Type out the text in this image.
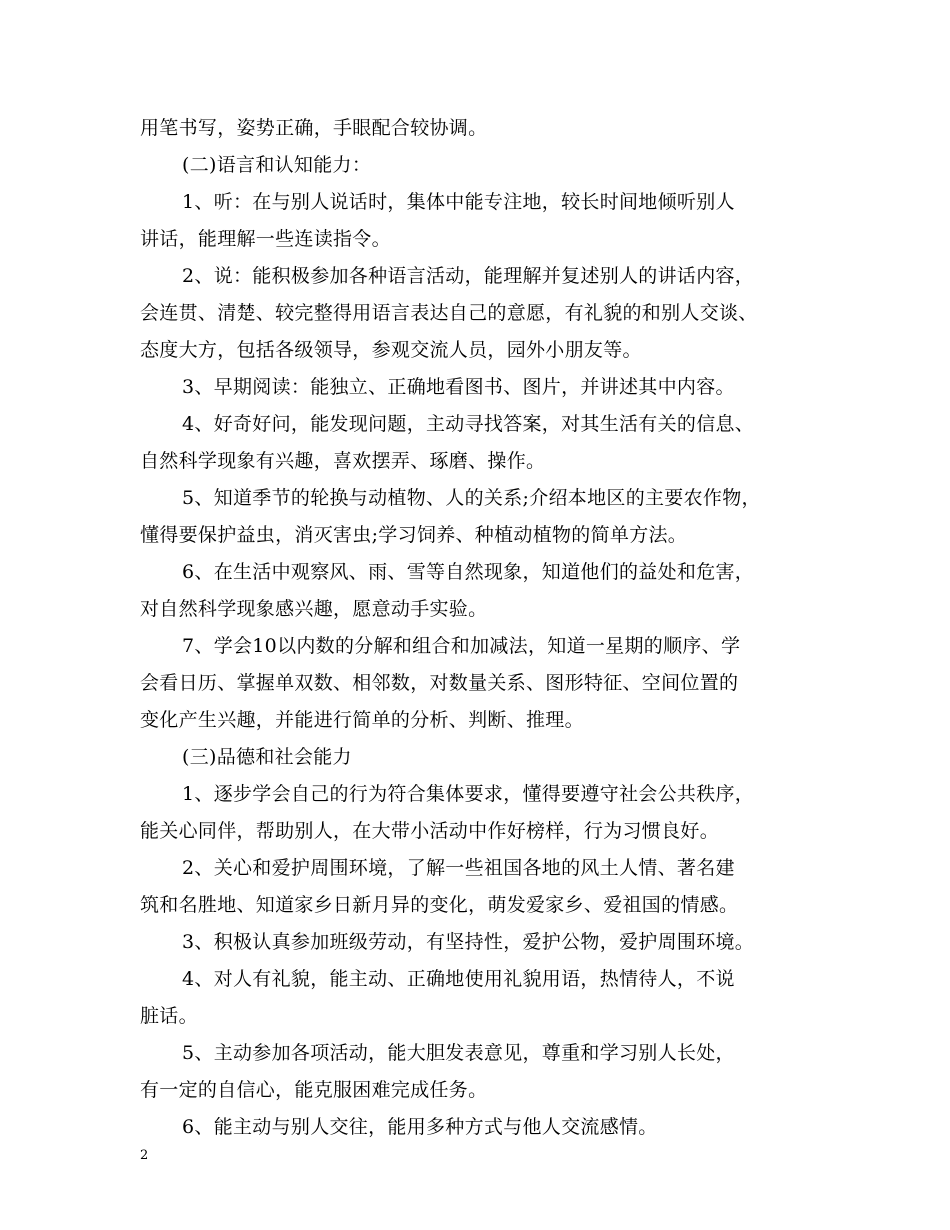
用笔书写，姿势正确，手眼配合较协调。
(二)语言和认知能力：
1、听：在与别人说话时，集体中能专注地，较长时间地倾听别人
讲话，能理解一些连读指令。
2、说：能积极参加各种语言活动，能理解并复述别人的讲话内容，
会连贯、清楚、较完整得用语言表达自己的意愿，有礼貌的和别人交谈、
态度大方，包括各级领导，参观交流人员，园外小朋友等。
3、早期阅读：能独立、正确地看图书、图片，并讲述其中内容。
4、好奇好问，能发现问题，主动寻找答案，对其生活有关的信息、
自然科学现象有兴趣，喜欢摆弄、琢磨、操作。
5、知道季节的轮换与动植物、人的关系;介绍本地区的主要农作物，
懂得要保护益虫，消灭害虫;学习饲养、种植动植物的简单方法。
6、在生活中观察风、雨、雪等自然现象，知道他们的益处和危害，
对自然科学现象感兴趣，愿意动手实验。
7、学会10以内数的分解和组合和加减法，知道一星期的顺序、学
会看日历、掌握单双数、相邻数，对数量关系、图形特征、空间位置的
变化产生兴趣，并能进行简单的分析、判断、推理。
(三)品德和社会能力
1、逐步学会自己的行为符合集体要求，懂得要遵守社会公共秩序，
能关心同伴，帮助别人，在大带小活动中作好榜样，行为习惯良好。
2、关心和爱护周围环境，了解一些祖国各地的风土人情、著名建
筑和名胜地、知道家乡日新月异的变化，萌发爱家乡、爱祖国的情感。
3、积极认真参加班级劳动，有坚持性，爱护公物，爱护周围环境。
4、对人有礼貌，能主动、正确地使用礼貌用语，热情待人，不说
脏话。
5、主动参加各项活动，能大胆发表意见，尊重和学习别人长处，
有一定的自信心，能克服困难完成任务。
6、能主动与别人交往，能用多种方式与他人交流感情。
2
